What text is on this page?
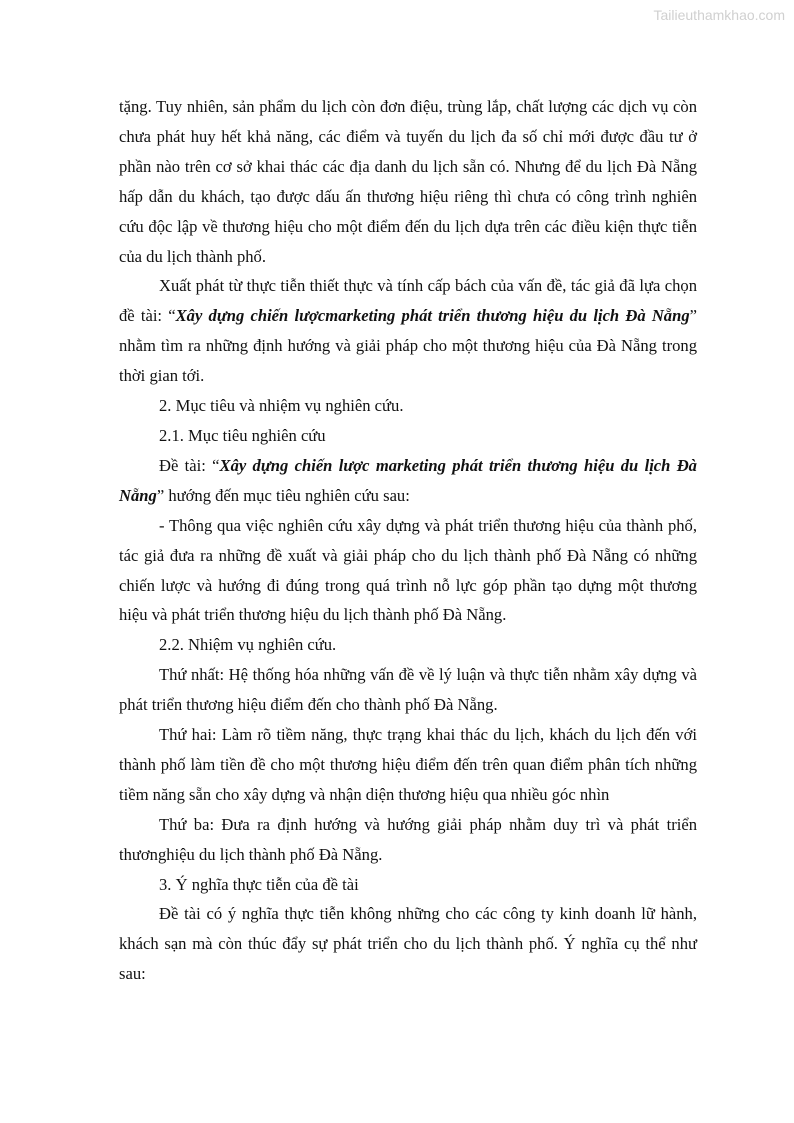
Tailieuthamkhao.com

tặng. Tuy nhiên, sản phẩm du lịch còn đơn điệu, trùng lắp, chất lượng các dịch vụ còn chưa phát huy hết khả năng, các điểm và tuyến du lịch đa số chỉ mới được đầu tư ở phần nào trên cơ sở khai thác các địa danh du lịch sẵn có. Nhưng để du lịch Đà Nẵng hấp dẫn du khách, tạo được dấu ấn thương hiệu riêng thì chưa có công trình nghiên cứu độc lập về thương hiệu cho một điểm đến du lịch dựa trên các điều kiện thực tiễn của du lịch thành phố.

Xuất phát từ thực tiễn thiết thực và tính cấp bách của vấn đề, tác giả đã lựa chọn đề tài: “Xây dựng chiến lượcmarketing phát triển thương hiệu du lịch Đà Nẵng” nhằm tìm ra những định hướng và giải pháp cho một thương hiệu của Đà Nẵng trong thời gian tới.

2. Mục tiêu và nhiệm vụ nghiên cứu.

2.1. Mục tiêu nghiên cứu

Đề tài: “Xây dựng chiến lược marketing phát triển thương hiệu du lịch Đà Nẵng” hướng đến mục tiêu nghiên cứu sau:

- Thông qua việc nghiên cứu xây dựng và phát triển thương hiệu của thành phố, tác giả đưa ra những đề xuất và giải pháp cho du lịch thành phố Đà Nẵng có những chiến lược và hướng đi đúng trong quá trình nỗ lực góp phần tạo dựng một thương hiệu và phát triển thương hiệu du lịch thành phố Đà Nẵng.

2.2. Nhiệm vụ nghiên cứu.

Thứ nhất: Hệ thống hóa những vấn đề về lý luận và thực tiễn nhằm xây dựng và phát triển thương hiệu điểm đến cho thành phố Đà Nẵng.

Thứ hai: Làm rõ tiềm năng, thực trạng khai thác du lịch, khách du lịch đến với thành phố làm tiền đề cho một thương hiệu điểm đến trên quan điểm phân tích những tiềm năng sẵn cho xây dựng và nhận diện thương hiệu qua nhiều góc nhìn

Thứ ba: Đưa ra định hướng và hướng giải pháp nhằm duy trì và phát triển thươnghiệu du lịch thành phố Đà Nẵng.

3. Ý nghĩa thực tiễn của đề tài

Đề tài có ý nghĩa thực tiễn không những cho các công ty kinh doanh lữ hành, khách sạn mà còn thúc đẩy sự phát triển cho du lịch thành phố. Ý nghĩa cụ thể như sau:
